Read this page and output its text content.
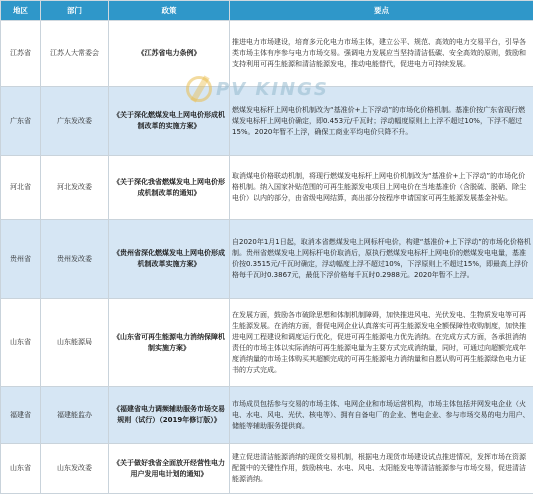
地区	部门	政策	要点
江苏省	江苏人大常委会	《江苏省电力条例》	推进电力市场建设，培育多元化电力市场主体，建立公平、规范、高效的电力交易平台，引导各类市场主体有序参与电力市场交易。强调电力发展应当坚持清洁低碳、安全高效的原则，鼓励和支持利用可再生能源和清洁能源发电，推动电能替代，促进电力可持续发展。
广东省	广东发改委	《关于深化燃煤发电上网电价形成机制改革的实施方案》	燃煤发电标杆上网电价机制改为“基准价+上下浮动”的市场化价格机制。基准价按广东省现行燃煤发电标杆上网电价确定，即0.453元/千瓦时；浮动幅度原则上上浮不超过10%，下浮不超过15%。2020年暂不上浮，确保工商业平均电价只降不升。
河北省	河北发改委	《关于深化我省燃煤发电上网电价形成机制改革的通知》	取消煤电价格联动机制，将现行燃煤发电标杆上网电价机制改为“基准价+上下浮动”的市场化价格机制。纳入国家补贴范围的可再生能源发电项目上网电价在当地基准价（含脱硫、脱硝、除尘电价）以内的部分，由省级电网结算，高出部分按程序申请国家可再生能源发展基金补贴。
贵州省	贵州发改委	《贵州省深化燃煤发电上网电价形成机制改革实施方案》	自2020年1月1日起，取消本省燃煤发电上网标杆电价，构建“基准价+上下浮动”的市场化价格机制。贵州省燃煤发电上网标杆电价取消后，原执行燃煤发电标杆上网电价的燃煤发电电量，基准价按0.3515元/千瓦时确定，浮动幅度上浮不超过10%，下浮原则上不超过15%，即最高上浮价格每千瓦时0.3867元，最低下浮价格每千瓦时0.2988元。2020年暂不上浮。
山东省	山东能源局	《山东省可再生能源电力消纳保障机制实施方案》	在发展方面，鼓励各市破除思想和体制机制障碍，加快推进风电、光伏发电、生物质发电等可再生能源发展。在消纳方面，督促电网企业认真落实可再生能源发电全额保障性收购制度，加快推进电网工程建设和调度运行优化，促进可再生能源电力优先消纳。在完成方式方面，各承担消纳责任的市场主体以实际消纳可再生能源电量为主要方式完成消纳量，同时，可通过向超额完成年度消纳量的市场主体购买其超额完成的可再生能源电力消纳量和自愿认购可再生能源绿色电力证书的方式完成。
福建省	福建能监办	《福建省电力调频辅助服务市场交易规则（试行）（2019年修订版）》	市场成员包括参与交易的市场主体、电网企业和市场运营机构，市场主体包括并网发电企业（火电、水电、风电、光伏、核电等）、拥有自备电厂的企业、售电企业、参与市场交易的电力用户、储能等辅助服务提供商。
山东省	山东发改委	《关于做好我省全面放开经营性电力用户发用电计划的通知》	建立促进清洁能源消纳的现货交易机制，根据电力现货市场建设试点推进情况，发挥市场在资源配置中的关键性作用，鼓励核电、水电、风电、太阳能发电等清洁能源参与市场交易，促进清洁能源消纳。
PV KINGS
